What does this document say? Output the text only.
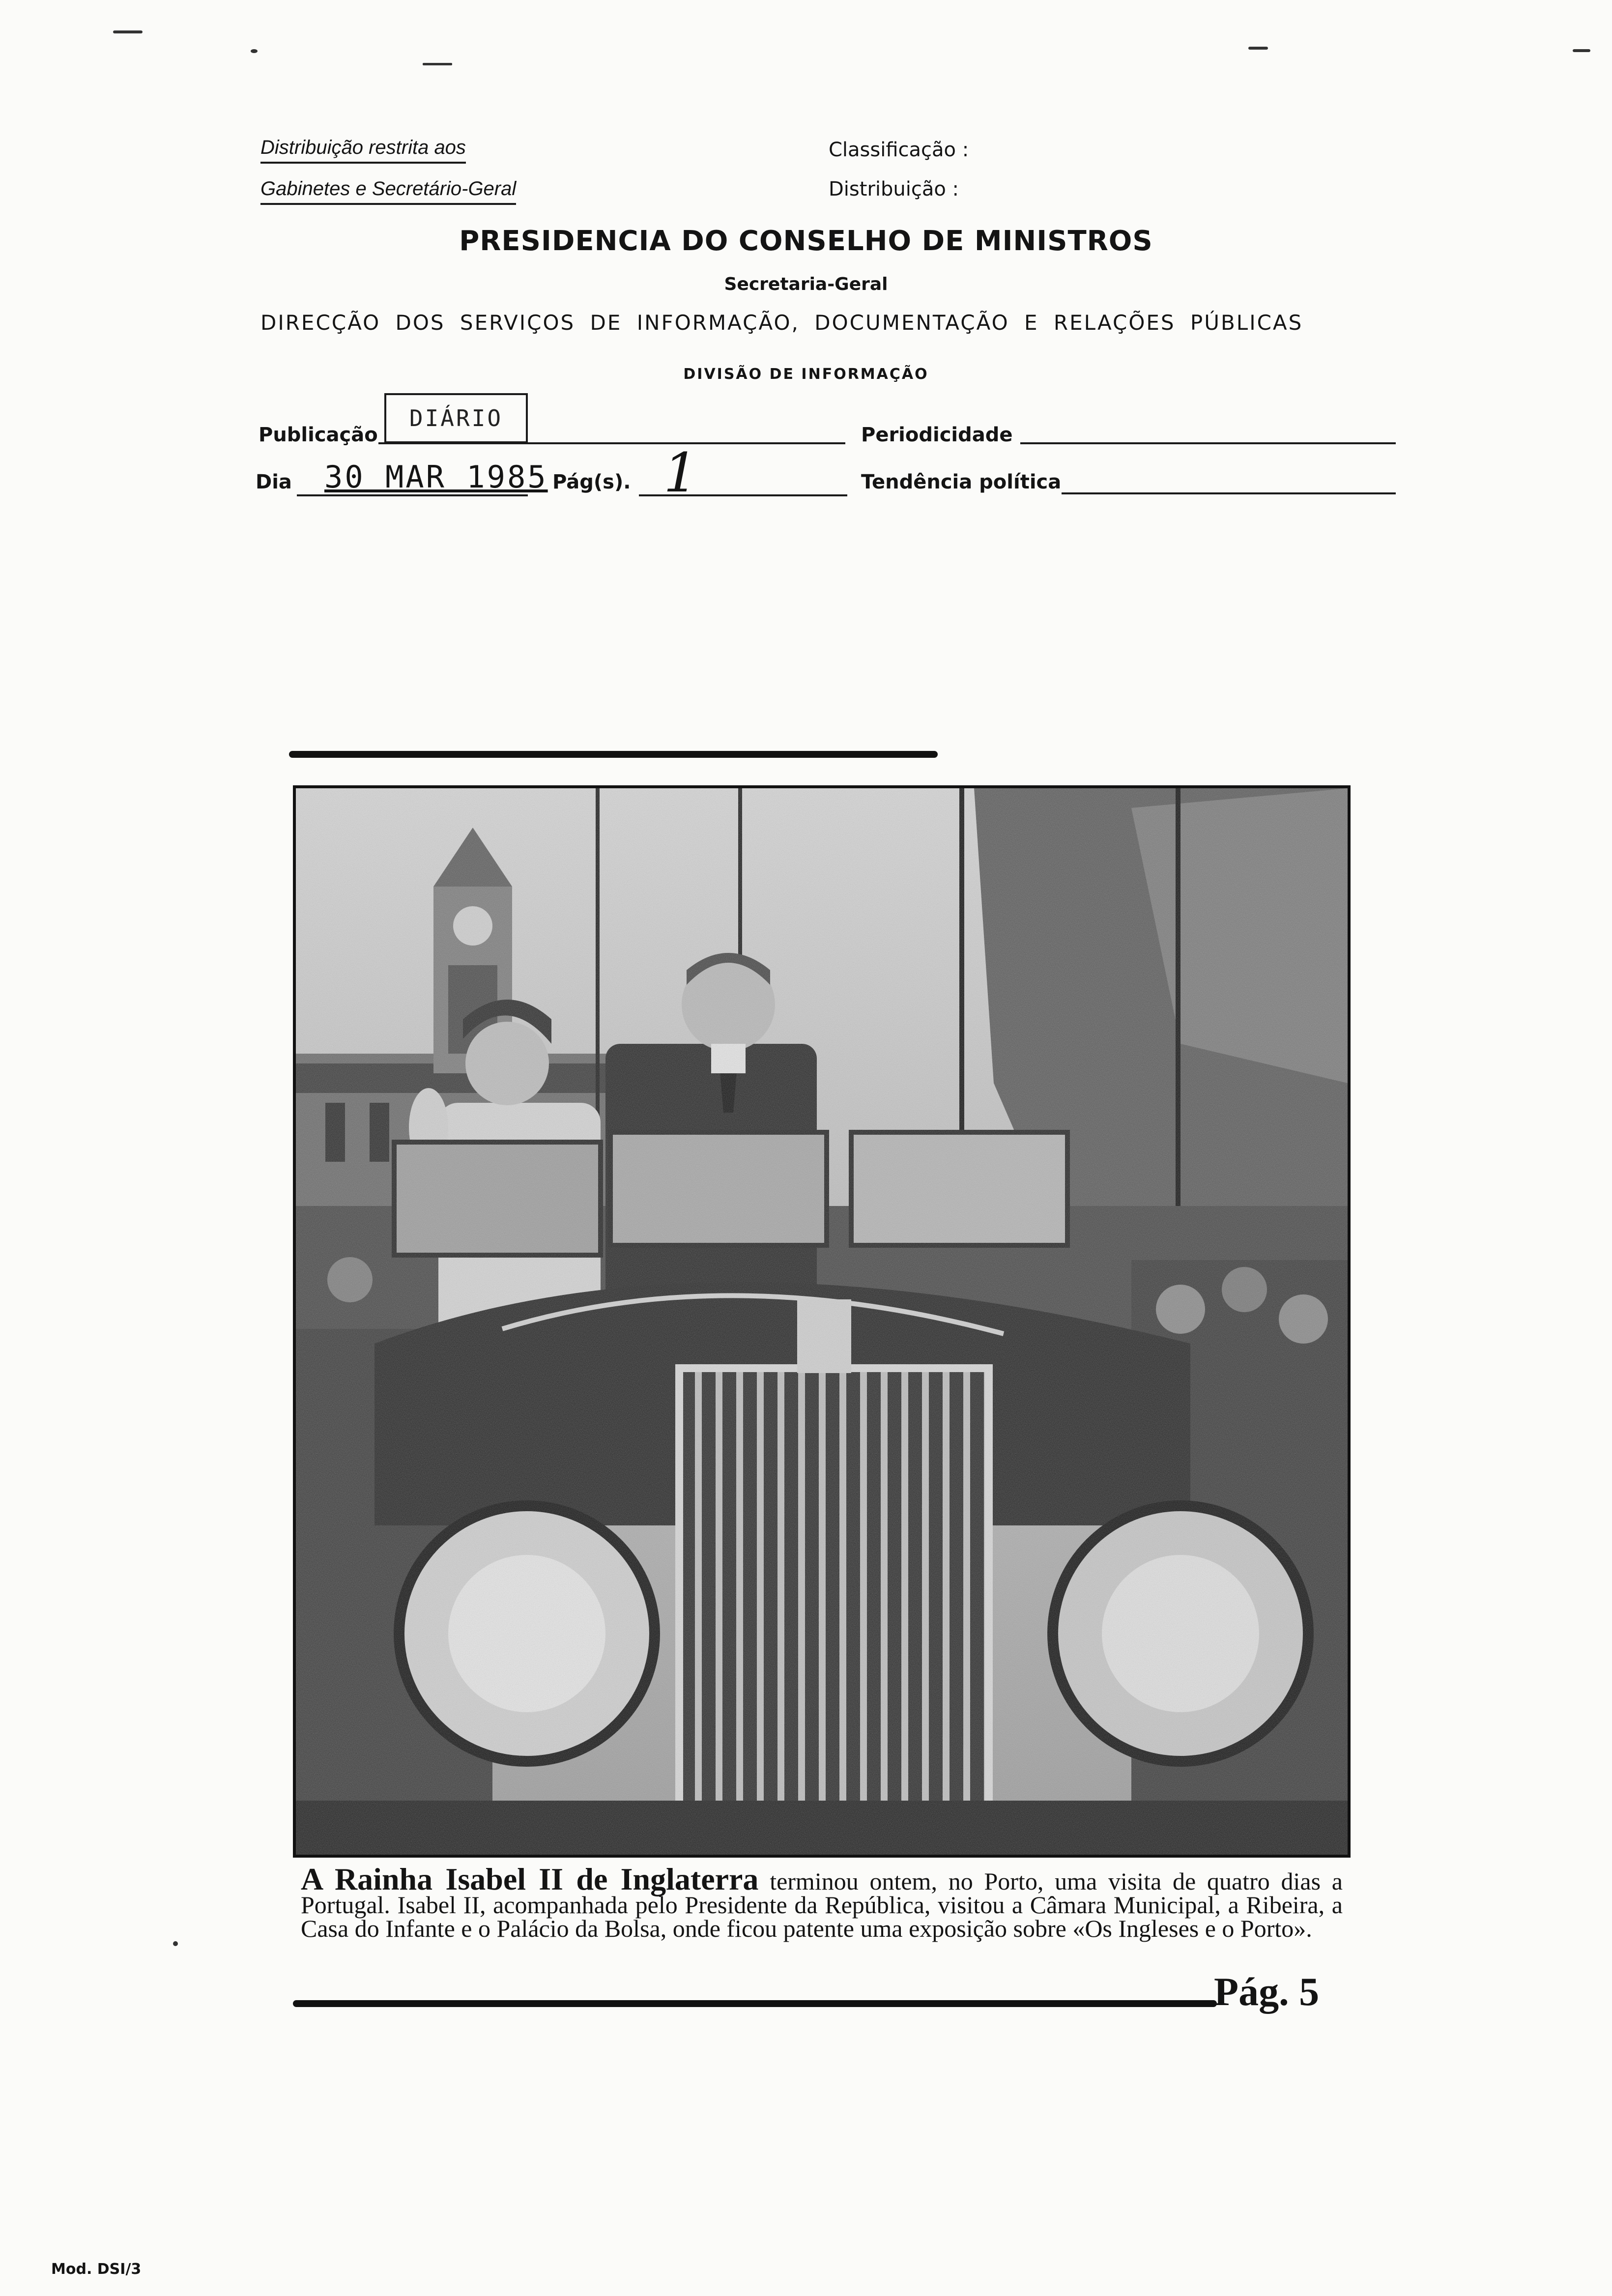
Distribuição restrita aos
Gabinetes e Secretário-Geral
Classificação :
Distribuição :
PRESIDENCIA DO CONSELHO DE MINISTROS
Secretaria-Geral
DIRECÇÃO DOS SERVIÇOS DE INFORMAÇÃO, DOCUMENTAÇÃO E RELAÇÕES PÚBLICAS
DIVISÃO DE INFORMAÇÃO
Publicação
DIÁRIO
Periodicidade
Dia 30 MAR 1985 Pág(s). 1	Tendência política
A Rainha Isabel II de Inglaterra terminou ontem, no Porto, uma visita de quatro dias a Portugal. Isabel II, acompanhada pelo Presidente da República, visitou a Câmara Municipal, a Ribeira, a Casa do Infante e o Palácio da Bolsa, onde ficou patente uma exposição sobre «Os Ingleses e o Porto».
Pág. 5
Mod. DSI/3
